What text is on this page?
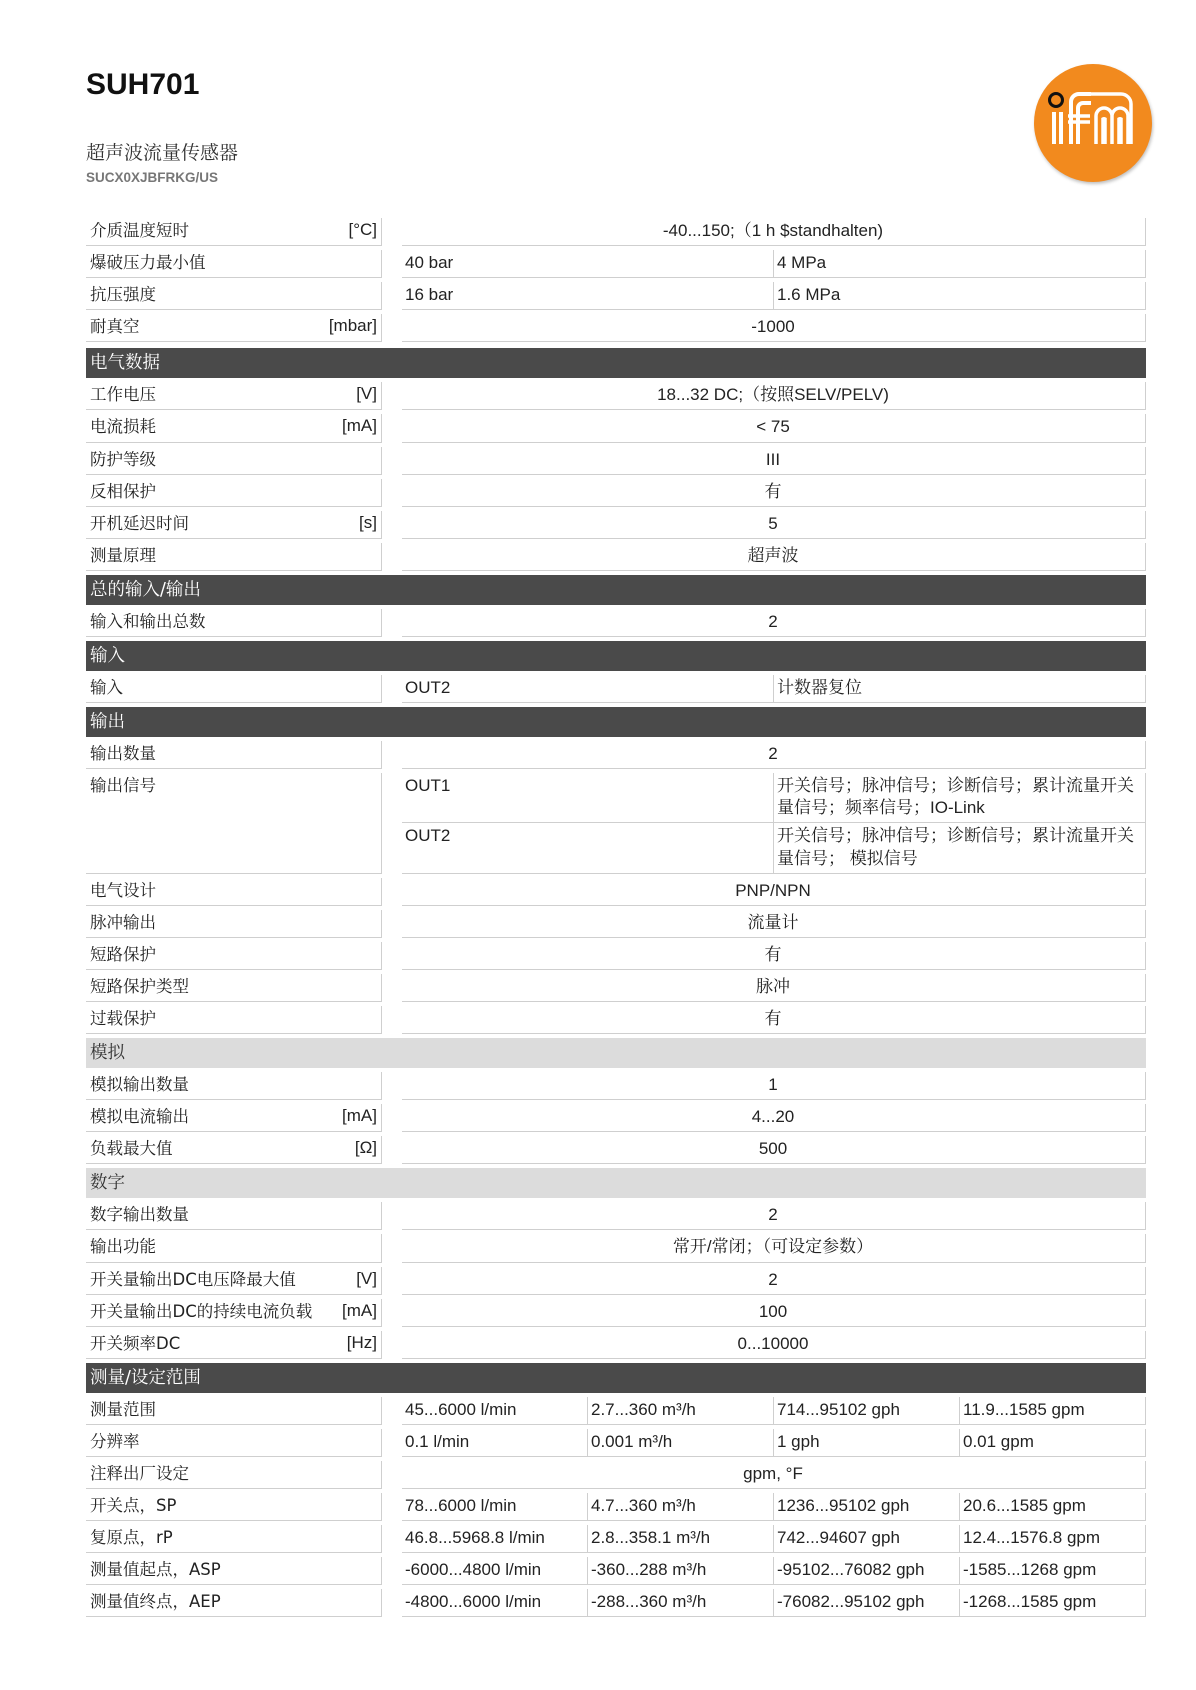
SUH701
超声波流量传感器
SUCX0XJBFRKG/US
介质温度短时	[°C]	-40...150;（1 h $standhalten)
爆破压力最小值	40 bar	4 MPa
抗压强度	16 bar	1.6 MPa
耐真空	[mbar]	-1000
电气数据
工作电压	[V]	18...32 DC;（按照SELV/PELV)
电流损耗	[mA]	< 75
防护等级	III
反相保护	有
开机延迟时间	[s]	5
测量原理	超声波
总的输入/输出
输入和输出总数	2
输入
输入	OUT2	计数器复位
输出
输出数量	2
输出信号	OUT1	开关信号；脉冲信号；诊断信号；累计流量开关量信号；频率信号；IO-Link
OUT2	开关信号；脉冲信号；诊断信号；累计流量开关量信号； 模拟信号
电气设计	PNP/NPN
脉冲输出	流量计
短路保护	有
短路保护类型	脉冲
过载保护	有
模拟
模拟输出数量	1
模拟电流输出	[mA]	4...20
负载最大值	[Ω]	500
数字
数字输出数量	2
输出功能	常开/常闭；（可设定参数）
开关量输出DC电压降最大值	[V]	2
开关量输出DC的持续电流负载	[mA]	100
开关频率DC	[Hz]	0...10000
测量/设定范围
测量范围	45...6000 l/min	2.7...360 m³/h	714...95102 gph	11.9...1585 gpm
分辨率	0.1 l/min	0.001 m³/h	1 gph	0.01 gpm
注释出厂设定	gpm, °F
开关点，SP	78...6000 l/min	4.7...360 m³/h	1236...95102 gph	20.6...1585 gpm
复原点，rP	46.8...5968.8 l/min	2.8...358.1 m³/h	742...94607 gph	12.4...1576.8 gpm
测量值起点，ASP	-6000...4800 l/min	-360...288 m³/h	-95102...76082 gph	-1585...1268 gpm
测量值终点，AEP	-4800...6000 l/min	-288...360 m³/h	-76082...95102 gph	-1268...1585 gpm
